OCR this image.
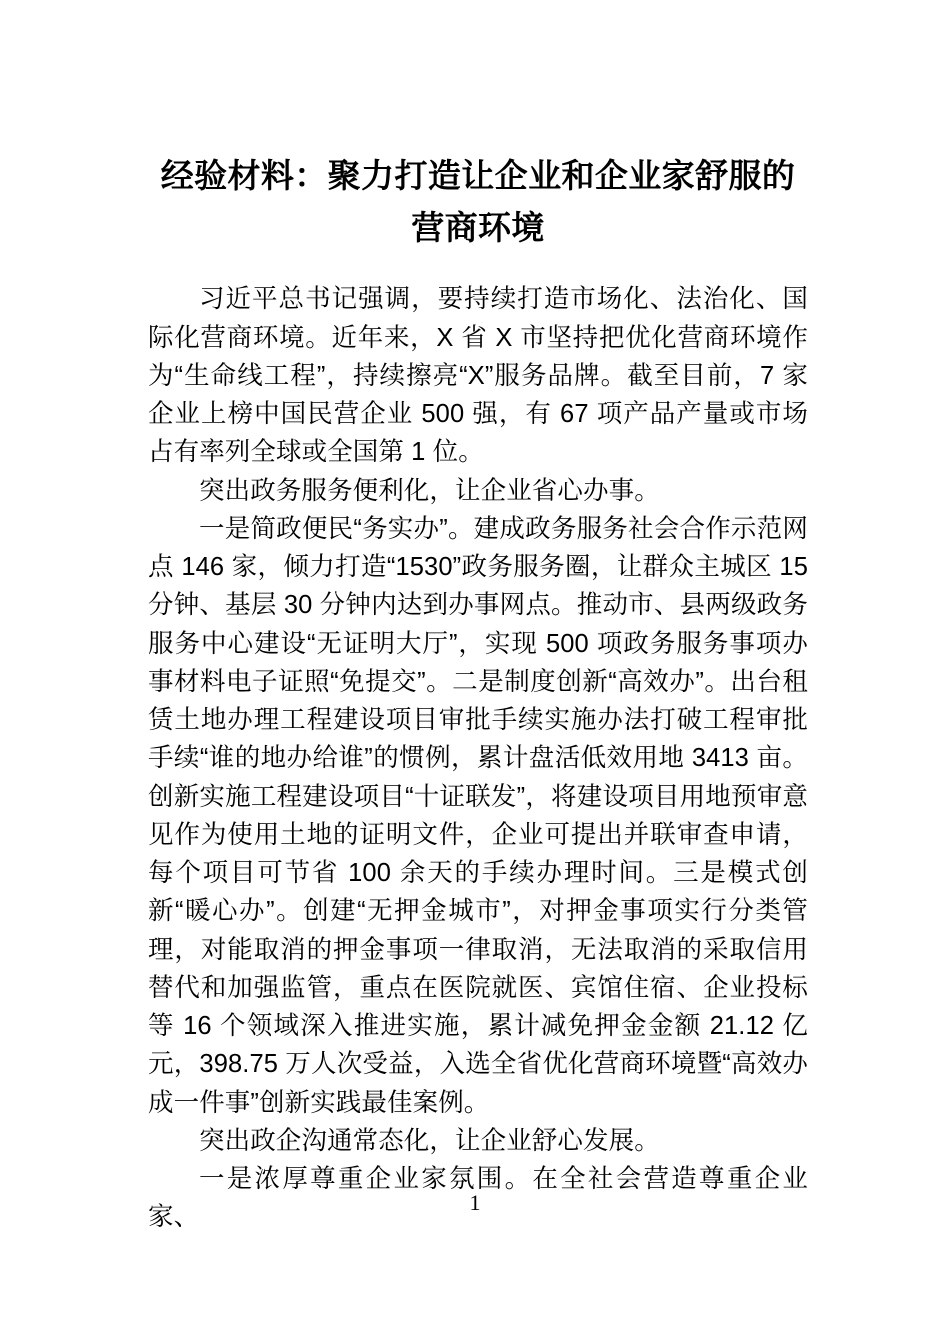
经验材料：聚力打造让企业和企业家舒服的营商环境

习近平总书记强调，要持续打造市场化、法治化、国际化营商环境。近年来，X 省 X 市坚持把优化营商环境作为“生命线工程”，持续擦亮“X”服务品牌。截至目前，7 家企业上榜中国民营企业 500 强，有 67 项产品产量或市场占有率列全球或全国第 1 位。

突出政务服务便利化，让企业省心办事。

一是简政便民“务实办”。建成政务服务社会合作示范网点 146 家，倾力打造“1530”政务服务圈，让群众主城区 15 分钟、基层 30 分钟内达到办事网点。推动市、县两级政务服务中心建设“无证明大厅”，实现 500 项政务服务事项办事材料电子证照“免提交”。二是制度创新“高效办”。出台租赁土地办理工程建设项目审批手续实施办法打破工程审批手续“谁的地办给谁”的惯例，累计盘活低效用地 3413 亩。创新实施工程建设项目“十证联发”，将建设项目用地预审意见作为使用土地的证明文件，企业可提出并联审查申请，每个项目可节省 100 余天的手续办理时间。三是模式创新“暖心办”。创建“无押金城市”，对押金事项实行分类管理，对能取消的押金事项一律取消，无法取消的采取信用替代和加强监管，重点在医院就医、宾馆住宿、企业投标等 16 个领域深入推进实施，累计减免押金金额 21.12 亿元，398.75 万人次受益，入选全省优化营商环境暨“高效办成一件事”创新实践最佳案例。

突出政企沟通常态化，让企业舒心发展。

一是浓厚尊重企业家氛围。在全社会营造尊重企业家、

1
